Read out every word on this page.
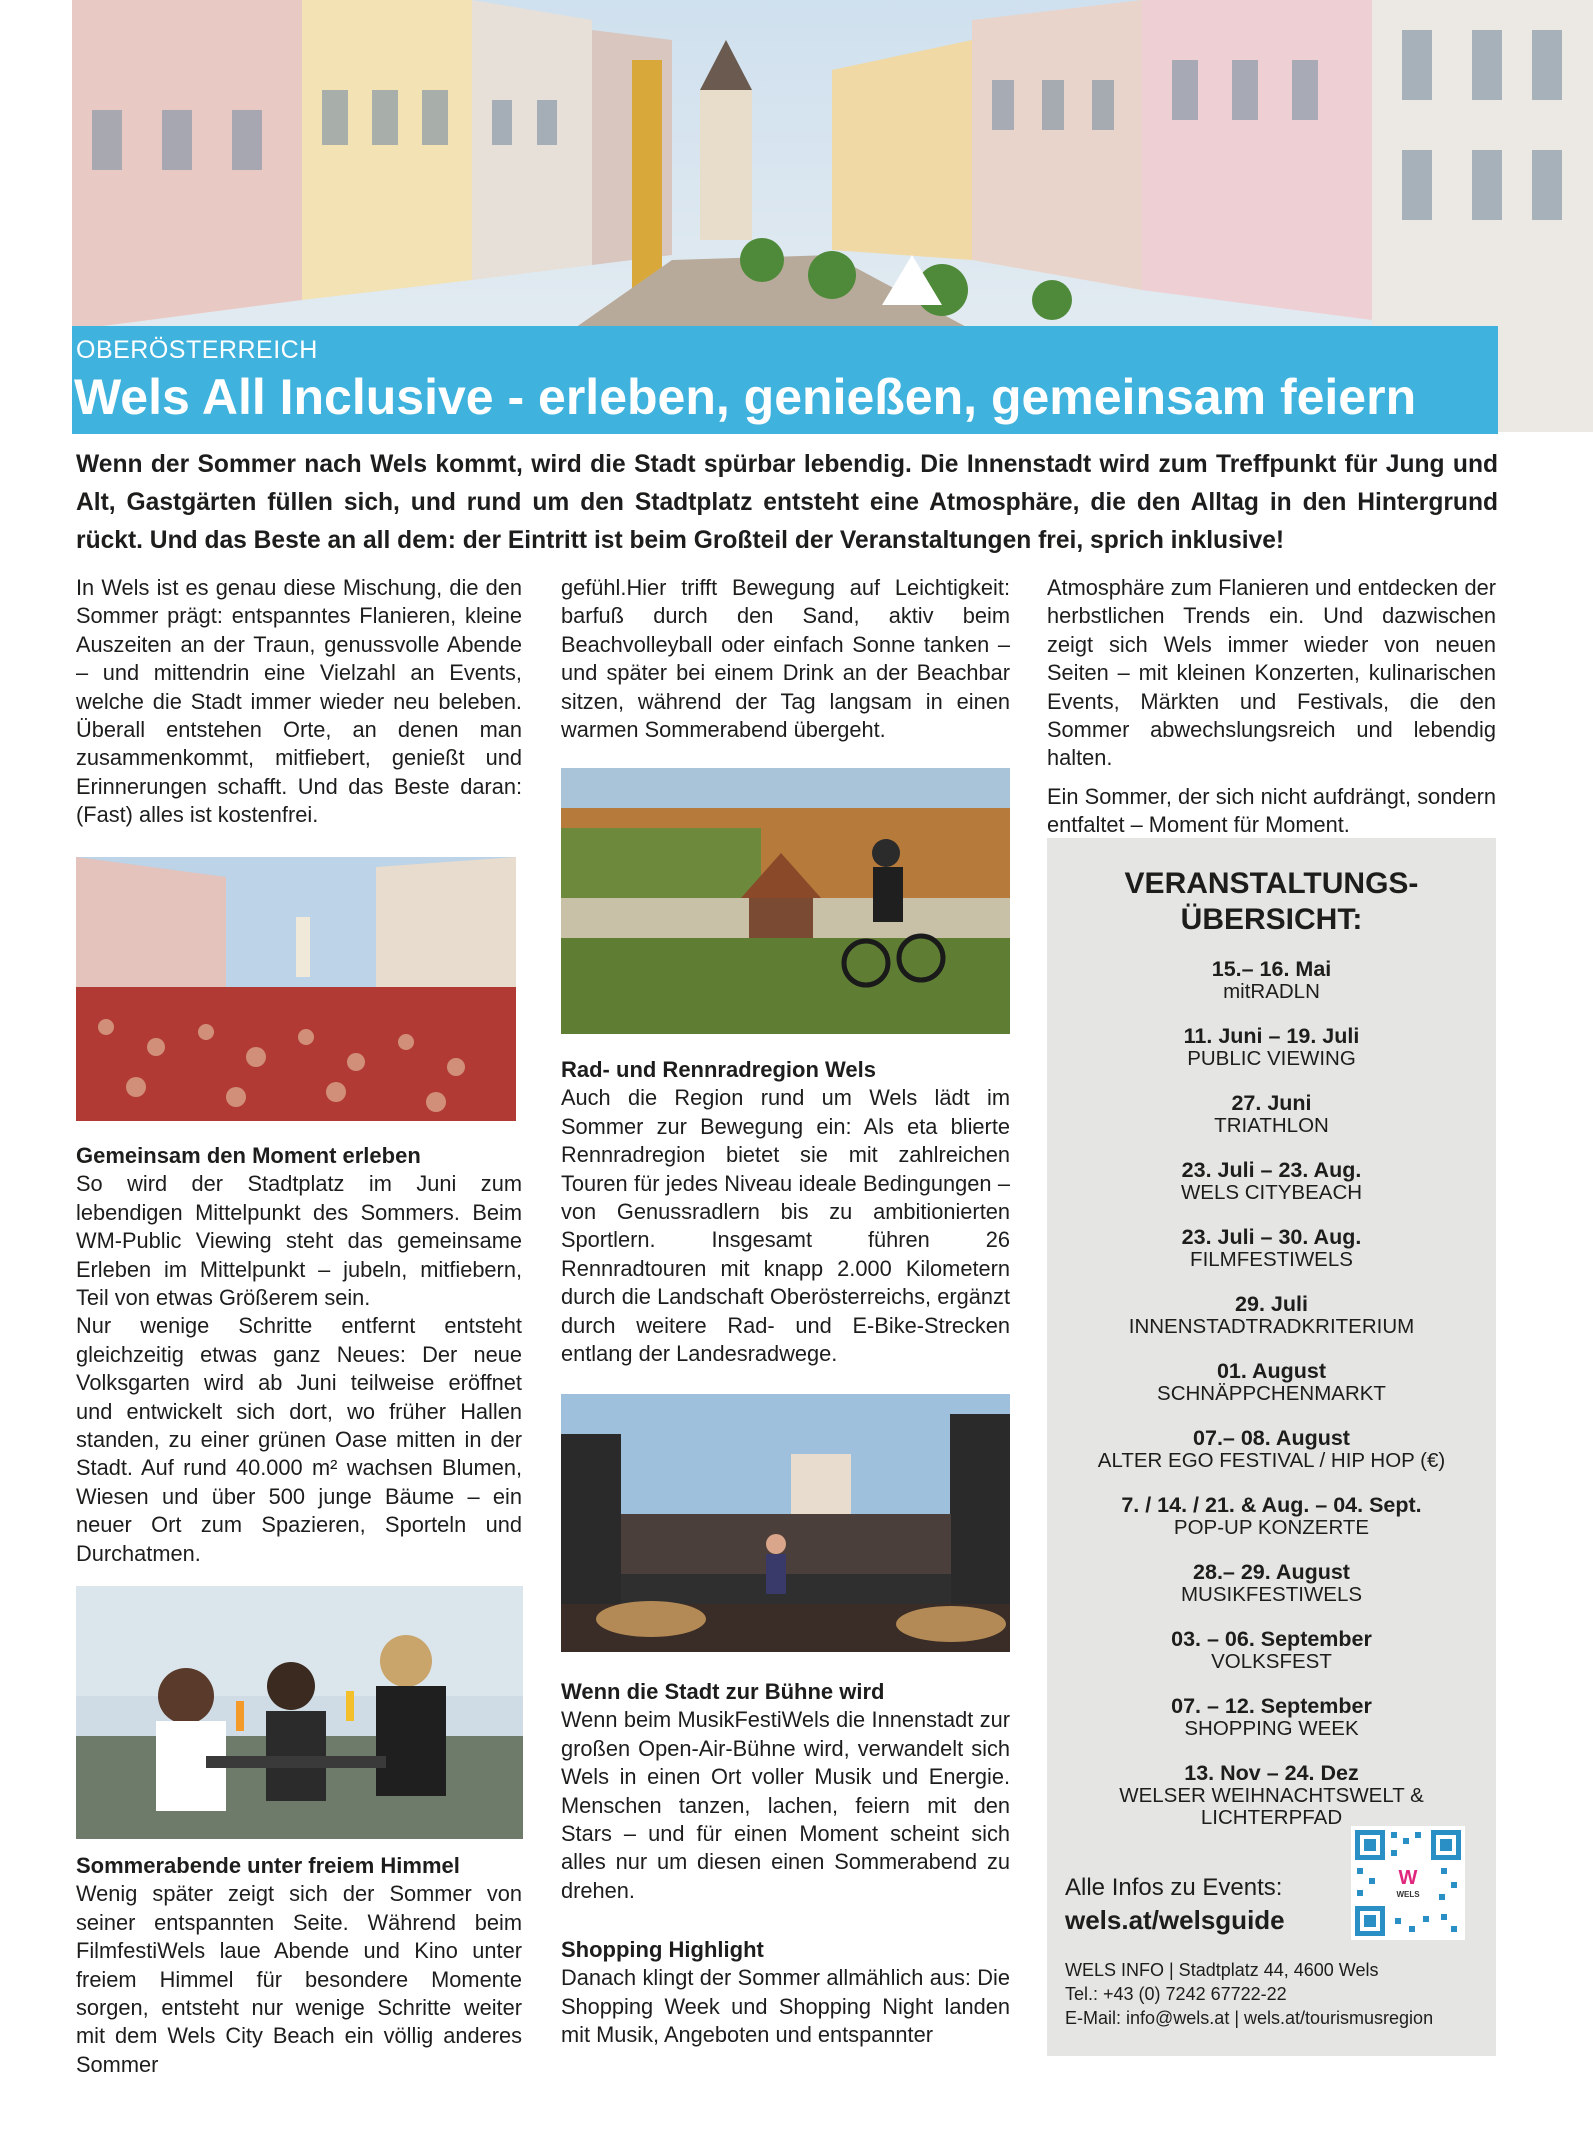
OBERÖSTERREICH
Wels All Inclusive - erleben, genießen, gemeinsam feiern
Wenn der Sommer nach Wels kommt, wird die Stadt spürbar lebendig. Die Innenstadt wird zum Treffpunkt für Jung und Alt, Gastgärten füllen sich, und rund um den Stadtplatz entsteht eine Atmosphäre, die den Alltag in den Hintergrund rückt. Und das Beste an all dem: der Eintritt ist beim Großteil der Veranstaltungen frei, sprich inklusive!
In Wels ist es genau diese Mischung, die den Sommer prägt: entspanntes Flanieren, kleine Auszeiten an der Traun, genussvolle Abende – und mittendrin eine Vielzahl an Events, welche die Stadt immer wieder neu beleben. Überall entstehen Orte, an denen man zusammenkommt, mitfiebert, genießt und Erinnerungen schafft. Und das Beste daran: (Fast) alles ist kostenfrei.
Gemeinsam den Moment erleben
So wird der Stadtplatz im Juni zum lebendigen Mittelpunkt des Sommers. Beim WM-Public Viewing steht das gemeinsame Erleben im Mittelpunkt – jubeln, mitfiebern, Teil von etwas Größerem sein.
Nur wenige Schritte entfernt entsteht gleichzeitig etwas ganz Neues: Der neue Volksgarten wird ab Juni teilweise eröffnet und entwickelt sich dort, wo früher Hallen standen, zu einer grünen Oase mitten in der Stadt. Auf rund 40.000 m² wachsen Blumen, Wiesen und über 500 junge Bäume – ein neuer Ort zum Spazieren, Sporteln und Durchatmen.
Sommerabende unter freiem Himmel
Wenig später zeigt sich der Sommer von seiner entspannten Seite. Während beim FilmfestiWels laue Abende und Kino unter freiem Himmel für besondere Momente sorgen, entsteht nur wenige Schritte weiter mit dem Wels City Beach ein völlig anderes Sommer
gefühl.Hier trifft Bewegung auf Leichtigkeit: barfuß durch den Sand, aktiv beim Beachvolleyball oder einfach Sonne tanken – und später bei einem Drink an der Beachbar sitzen, während der Tag langsam in einen warmen Sommerabend übergeht.
Rad- und Rennradregion Wels
Auch die Region rund um Wels lädt im Sommer zur Bewegung ein: Als eta blierte Rennradregion bietet sie mit zahlreichen Touren für jedes Niveau ideale Bedingungen – von Genussradlern bis zu ambitionierten Sportlern. Insgesamt führen 26 Rennradtouren mit knapp 2.000 Kilometern durch die Landschaft Oberösterreichs, ergänzt durch weitere Rad- und E-Bike-Strecken entlang der Landesradwege.
Wenn die Stadt zur Bühne wird
Wenn beim MusikFestiWels die Innenstadt zur großen Open-Air-Bühne wird, verwandelt sich Wels in einen Ort voller Musik und Energie. Menschen tanzen, lachen, feiern mit den Stars – und für einen Moment scheint sich alles nur um diesen einen Sommerabend zu drehen.
Shopping Highlight
Danach klingt der Sommer allmählich aus: Die Shopping Week und Shopping Night landen mit Musik, Angeboten und entspannter

Atmosphäre zum Flanieren und entdecken der herbstlichen Trends ein. Und dazwischen zeigt sich Wels immer wieder von neuen Seiten – mit kleinen Konzerten, kulinarischen Events, Märkten und Festivals, die den Sommer abwechslungsreich und lebendig halten.

Ein Sommer, der sich nicht aufdrängt, sondern entfaltet – Moment für Moment.

VERANSTALTUNGS-
ÜBERSICHT:
15.– 16. Mai
mitRADLN
11. Juni – 19. Juli
PUBLIC VIEWING
27. Juni
TRIATHLON
23. Juli – 23. Aug.
WELS CITYBEACH
23. Juli – 30. Aug.
FILMFESTIWELS
29. Juli
INNENSTADTRADKRITERIUM
01. August
SCHNÄPPCHENMARKT
07.– 08. August
ALTER EGO FESTIVAL / HIP HOP (€)
7. / 14. / 21. & Aug. – 04. Sept.
POP-UP KONZERTE
28.– 29. August
MUSIKFESTIWELS
03. – 06. September
VOLKSFEST
07. – 12. September
SHOPPING WEEK
13. Nov – 24. Dez
WELSER WEIHNACHTSWELT & LICHTERPFAD
W
WELS
Alle Infos zu Events:
wels.at/welsguide
WELS INFO | Stadtplatz 44, 4600 Wels
Tel.: +43 (0) 7242 67722-22
E-Mail: info@wels.at | wels.at/tourismusregion
